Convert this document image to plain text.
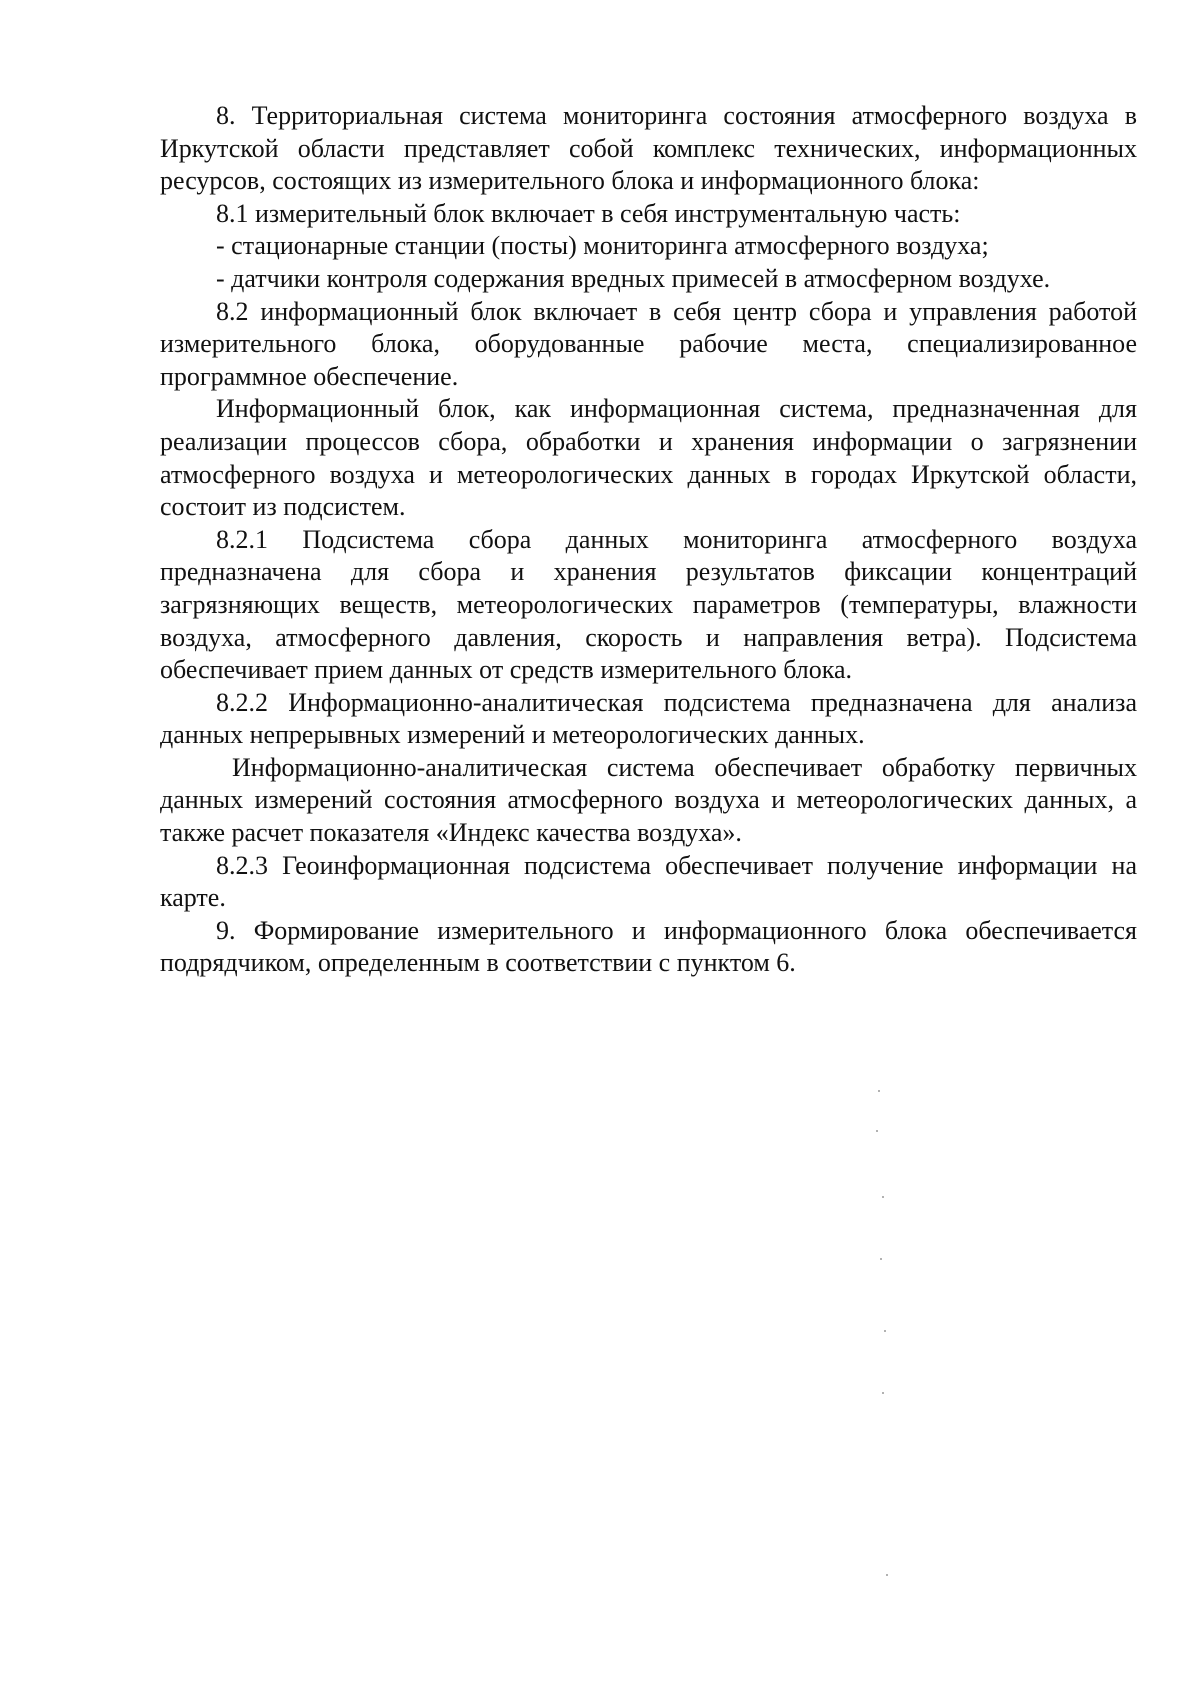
8. Территориальная система мониторинга состояния атмосферного воздуха в Иркутской области представляет собой комплекс технических, информационных ресурсов, состоящих из измерительного блока и информационного блока:

8.1 измерительный блок включает в себя инструментальную часть:

- стационарные станции (посты) мониторинга атмосферного воздуха;

- датчики контроля содержания вредных примесей в атмосферном воздухе.

8.2 информационный блок включает в себя центр сбора и управления работой измерительного блока, оборудованные рабочие места, специализированное программное обеспечение.

Информационный блок, как информационная система, предназначенная для реализации процессов сбора, обработки и хранения информации о загрязнении атмосферного воздуха и метеорологических данных в городах Иркутской области, состоит из подсистем.

8.2.1 Подсистема сбора данных мониторинга атмосферного воздуха предназначена для сбора и хранения результатов фиксации концентраций загрязняющих веществ, метеорологических параметров (температуры, влажности воздуха, атмосферного давления, скорость и направления ветра). Подсистема обеспечивает прием данных от средств измерительного блока.

8.2.2 Информационно-аналитическая подсистема предназначена для анализа данных непрерывных измерений и метеорологических данных.

Информационно-аналитическая система обеспечивает обработку первичных данных измерений состояния атмосферного воздуха и метеорологических данных, а также расчет показателя «Индекс качества воздуха».

8.2.3 Геоинформационная подсистема обеспечивает получение информации на карте.

9. Формирование измерительного и информационного блока обеспечивается подрядчиком, определенным в соответствии с пунктом 6.
